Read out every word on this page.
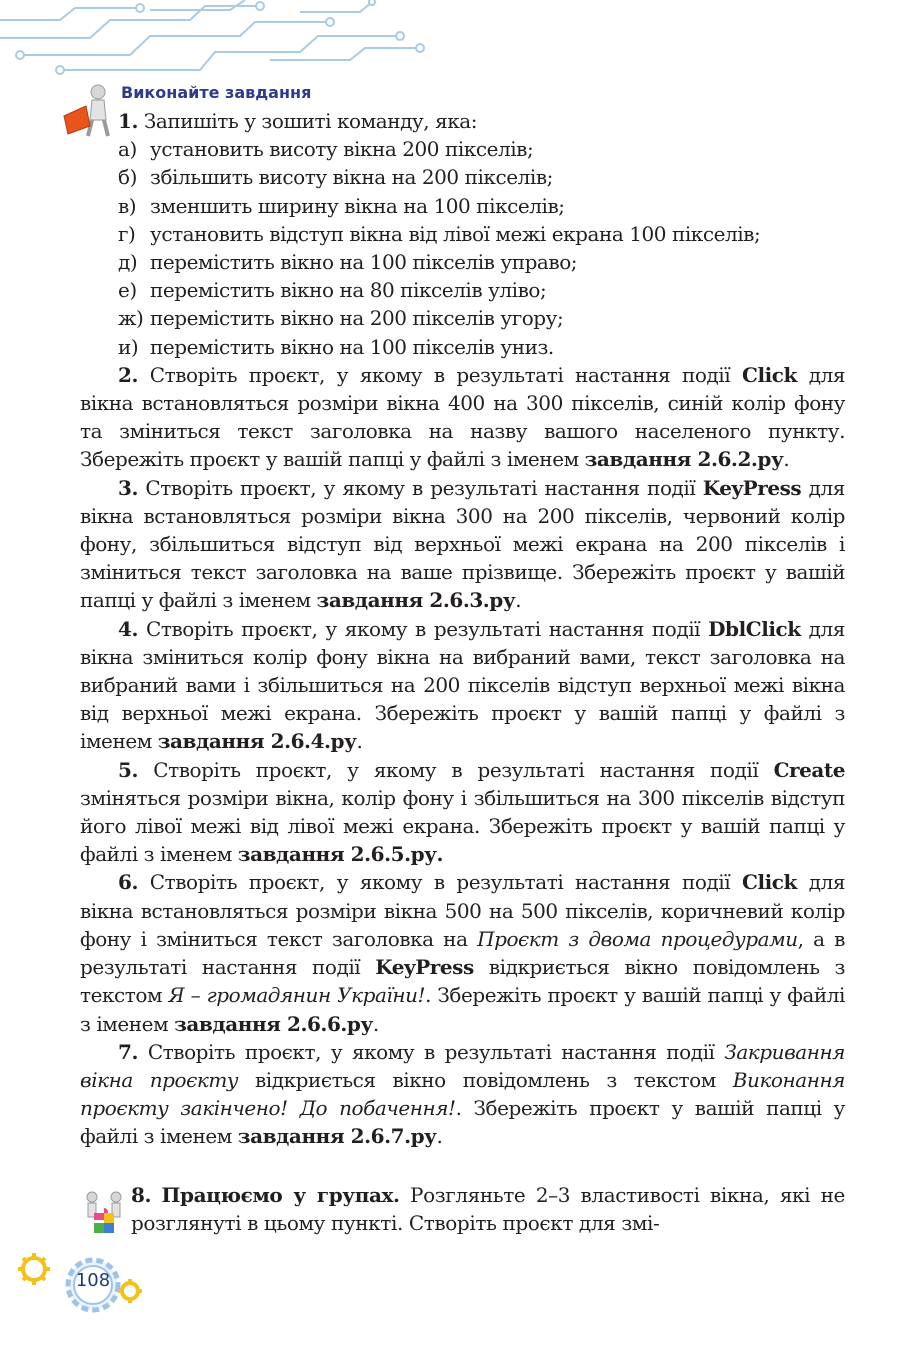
Виконайте завдання
1. Запишіть у зошиті команду, яка:
а) установить висоту вікна 200 пікселів;
б) збільшить висоту вікна на 200 пікселів;
в) зменшить ширину вікна на 100 пікселів;
г) установить відступ вікна від лівої межі екрана 100 пікселів;
д) перемістить вікно на 100 пікселів управо;
е) перемістить вікно на 80 пікселів уліво;
ж) перемістить вікно на 200 пікселів угору;
и) перемістить вікно на 100 пікселів униз.

2. Створіть проєкт, у якому в результаті настання події Click для вікна встановляться розміри вікна 400 на 300 пікселів, синій колір фону та зміниться текст заголовка на назву вашого населеного пункту. Збережіть проєкт у вашій папці у файлі з іменем завдання 2.6.2.ру.

3. Створіть проєкт, у якому в результаті настання події KeyPress для вікна встановляться розміри вікна 300 на 200 пікселів, червоний колір фону, збільшиться відступ від верхньої межі екрана на 200 пікселів і зміниться текст заголовка на ваше прізвище. Збережіть проєкт у вашій папці у файлі з іменем завдання 2.6.3.ру.

4. Створіть проєкт, у якому в результаті настання події DblClick для вікна зміниться колір фону вікна на вибраний вами, текст заголовка на вибраний вами і збільшиться на 200 пікселів відступ верхньої межі вікна від верхньої межі екрана. Збережіть проєкт у вашій папці у файлі з іменем завдання 2.6.4.ру.

5. Створіть проєкт, у якому в результаті настання події Create зміняться розміри вікна, колір фону і збільшиться на 300 пікселів відступ його лівої межі від лівої межі екрана. Збережіть проєкт у вашій папці у файлі з іменем завдання 2.6.5.ру.

6. Створіть проєкт, у якому в результаті настання події Click для вікна встановляться розміри вікна 500 на 500 пікселів, коричневий колір фону і зміниться текст заголовка на Проєкт з двома процедурами, а в результаті настання події KeyPress відкриється вікно повідомлень з текстом Я – громадянин України!. Збережіть проєкт у вашій папці у файлі з іменем завдання 2.6.6.ру.

7. Створіть проєкт, у якому в результаті настання події Закривання вікна проєкту відкриється вікно повідомлень з текстом Виконання проєкту закінчено! До побачення!. Збережіть проєкт у вашій папці у файлі з іменем завдання 2.6.7.ру.

8. Працюємо у групах. Розгляньте 2–3 властивості вікна, які не розглянуті в цьому пункті. Створіть проєкт для змі-
108
